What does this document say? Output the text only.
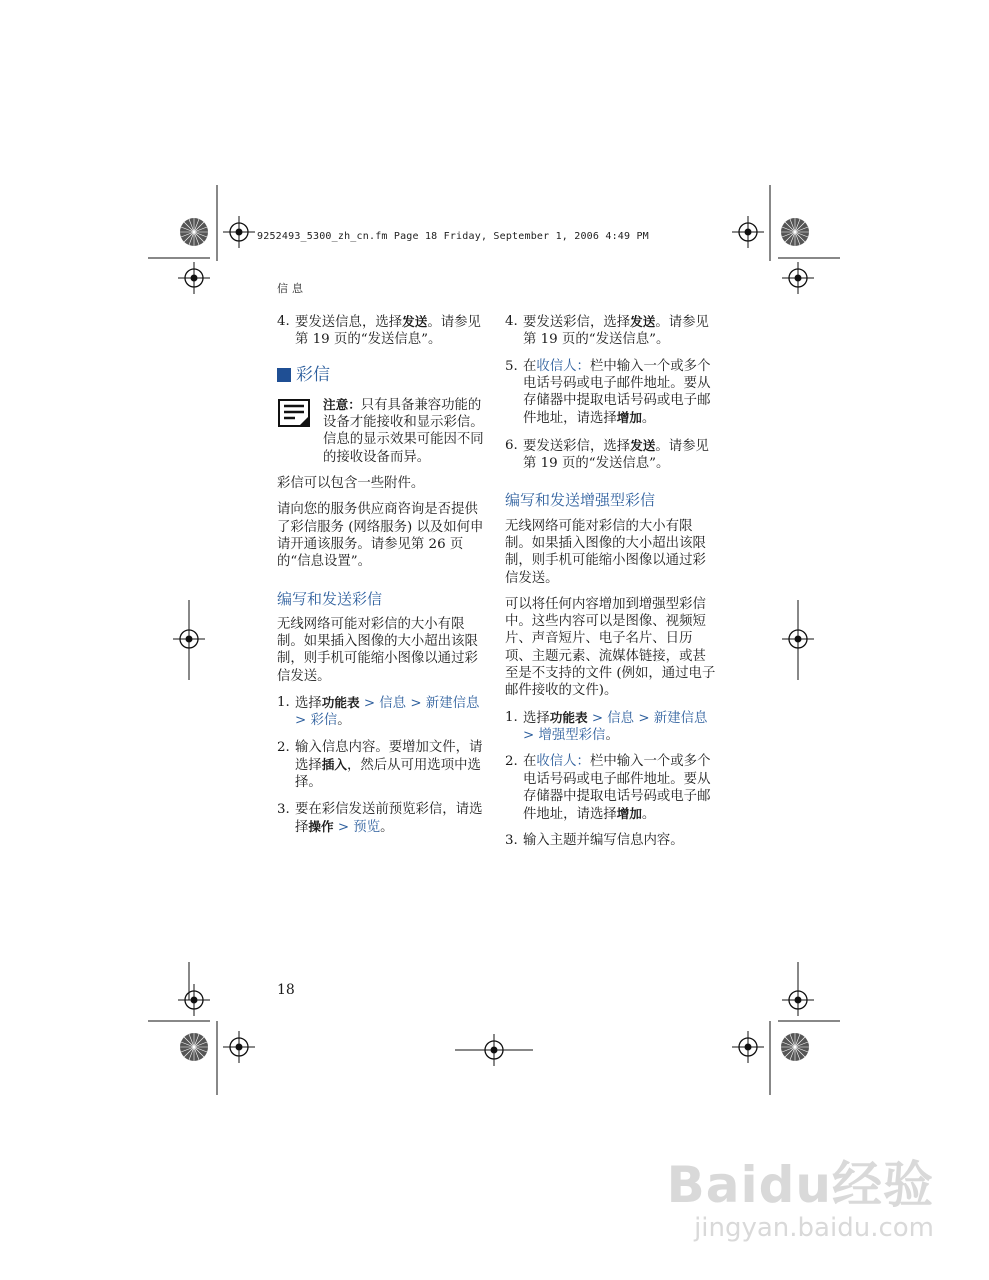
9252493_5300_zh_cn.fm Page 18 Friday, September 1, 2006 4:49 PM
信息
4. 要发送信息，选择发送。请参见第 19 页的“发送信息”。
彩信
注意：只有具备兼容功能的设备才能接收和显示彩信。信息的显示效果可能因不同的接收设备而异。

彩信可以包含一些附件。

请向您的服务供应商咨询是否提供了彩信服务 (网络服务) 以及如何申请开通该服务。请参见第 26 页的“信息设置”。

编写和发送彩信

无线网络可能对彩信的大小有限制。如果插入图像的大小超出该限制，则手机可能缩小图像以通过彩信发送。

1. 选择功能表 > 信息 > 新建信息 > 彩信。
2. 输入信息内容。要增加文件，请选择插入，然后从可用选项中选择。
3. 要在彩信发送前预览彩信，请选择操作 > 预览。
4. 要发送彩信，选择发送。请参见第 19 页的“发送信息”。
5. 在收信人：栏中输入一个或多个电话号码或电子邮件地址。要从存储器中提取电话号码或电子邮件地址，请选择增加。
6. 要发送彩信，选择发送。请参见第 19 页的“发送信息”。
编写和发送增强型彩信

无线网络可能对彩信的大小有限制。如果插入图像的大小超出该限制，则手机可能缩小图像以通过彩信发送。

可以将任何内容增加到增强型彩信中。这些内容可以是图像、视频短片、声音短片、电子名片、日历项、主题元素、流媒体链接，或甚至是不支持的文件 (例如，通过电子邮件接收的文件)。

1. 选择功能表 > 信息 > 新建信息 > 增强型彩信。
2. 在收信人：栏中输入一个或多个电话号码或电子邮件地址。要从存储器中提取电话号码或电子邮件地址，请选择增加。
3. 输入主题并编写信息内容。
18
Baidu经验
jingyan.baidu.com
